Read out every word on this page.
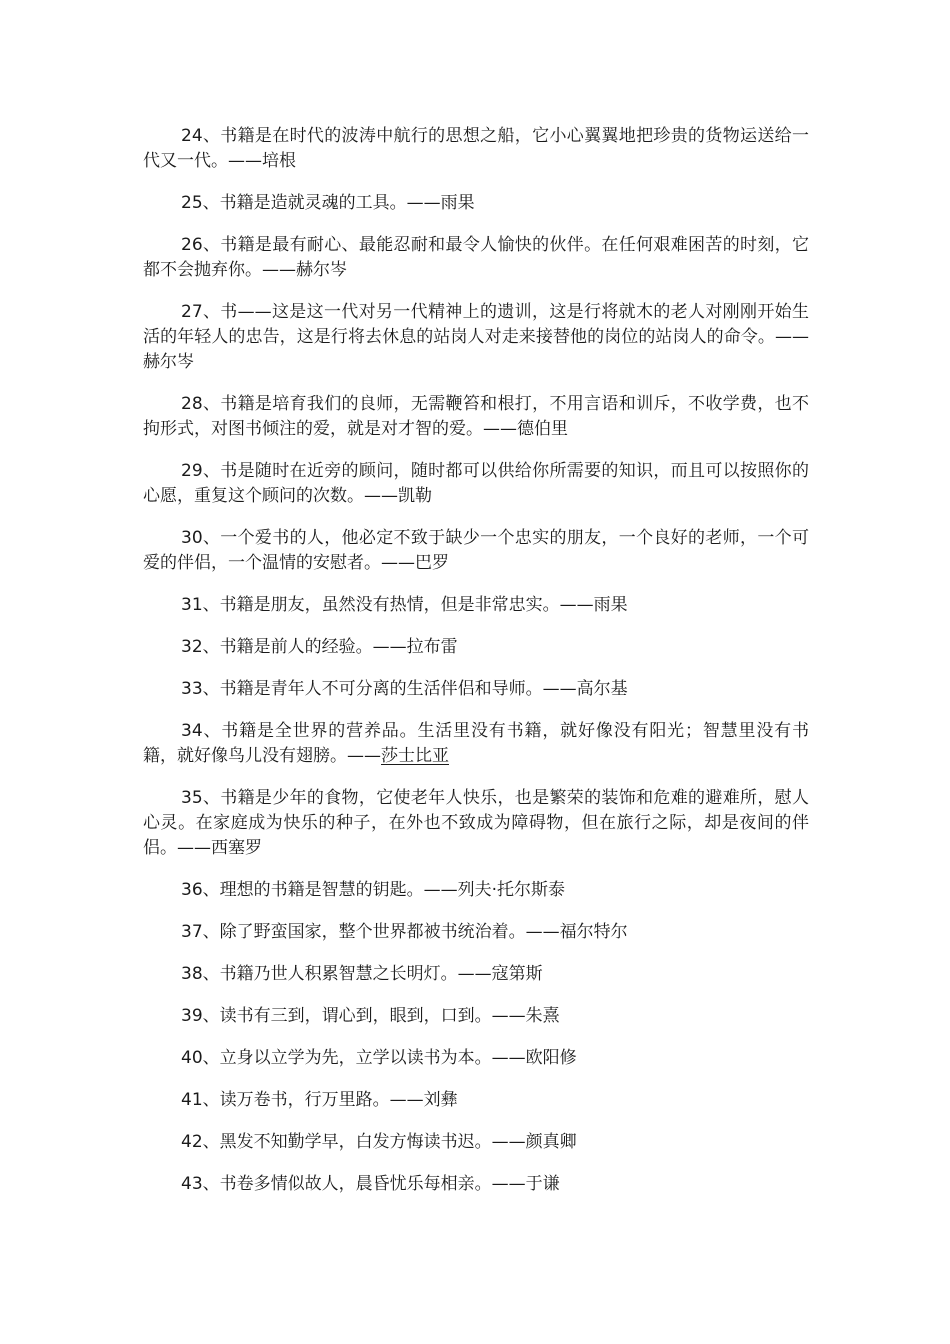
24、书籍是在时代的波涛中航行的思想之船，它小心翼翼地把珍贵的货物运送给一代又一代。——培根

25、书籍是造就灵魂的工具。——雨果

26、书籍是最有耐心、最能忍耐和最令人愉快的伙伴。在任何艰难困苦的时刻，它都不会抛弃你。——赫尔岑

27、书——这是这一代对另一代精神上的遗训，这是行将就木的老人对刚刚开始生活的年轻人的忠告，这是行将去休息的站岗人对走来接替他的岗位的站岗人的命令。——赫尔岑

28、书籍是培育我们的良师，无需鞭笞和根打，不用言语和训斥，不收学费，也不拘形式，对图书倾注的爱，就是对才智的爱。——德伯里

29、书是随时在近旁的顾问，随时都可以供给你所需要的知识，而且可以按照你的心愿，重复这个顾问的次数。——凯勒

30、一个爱书的人，他必定不致于缺少一个忠实的朋友，一个良好的老师，一个可爱的伴侣，一个温情的安慰者。——巴罗

31、书籍是朋友，虽然没有热情，但是非常忠实。——雨果

32、书籍是前人的经验。——拉布雷

33、书籍是青年人不可分离的生活伴侣和导师。——高尔基

34、书籍是全世界的营养品。生活里没有书籍，就好像没有阳光；智慧里没有书籍，就好像鸟儿没有翅膀。——莎士比亚

35、书籍是少年的食物，它使老年人快乐，也是繁荣的装饰和危难的避难所，慰人心灵。在家庭成为快乐的种子，在外也不致成为障碍物，但在旅行之际，却是夜间的伴侣。——西塞罗

36、理想的书籍是智慧的钥匙。——列夫·托尔斯泰

37、除了野蛮国家，整个世界都被书统治着。——福尔特尔

38、书籍乃世人积累智慧之长明灯。——寇第斯

39、读书有三到，谓心到，眼到，口到。——朱熹

40、立身以立学为先，立学以读书为本。——欧阳修

41、读万卷书，行万里路。——刘彝

42、黑发不知勤学早，白发方悔读书迟。——颜真卿

43、书卷多情似故人，晨昏忧乐每相亲。——于谦
